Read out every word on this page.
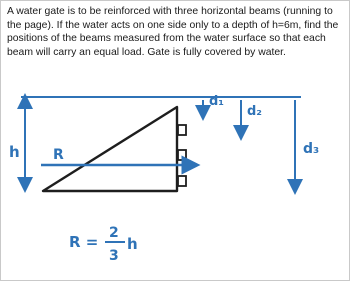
A water gate is to be reinforced with three horizontal beams (running to the page). If the water acts on one side only to a depth of h=6m, find the positions of the beams measured from the water surface so that each beam will carry an equal load. Gate is fully covered by water.

h R
d₁
d₂
d₃
R = 2
3
h
